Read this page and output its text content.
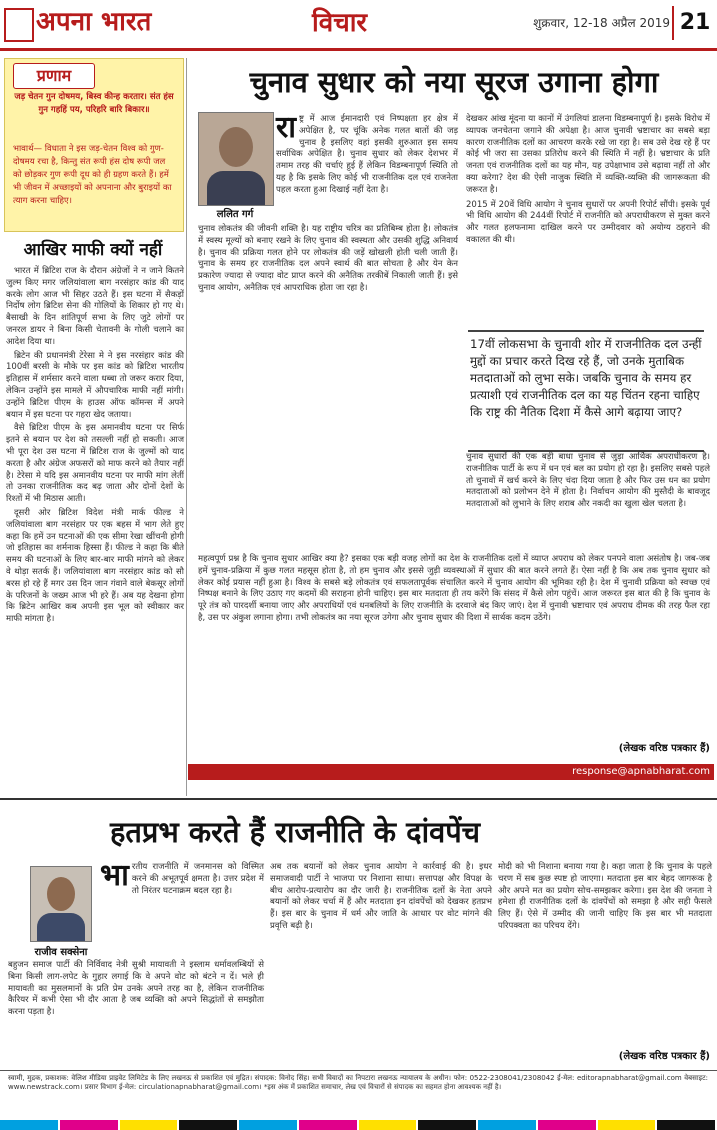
अपना भारत	विचार	शुक्रवार, 12-18 अप्रैल 2019 21
प्रणाम
जड़ चेतन गुन दोषमय, बिस्व कीन्ह करतार। संत हंस गुन गहहिं पय, परिहरि बारि बिकार॥
भावार्थ— विधाता ने इस जड़-चेतन विश्व को गुण-दोषमय रचा है, किन्तु संत रूपी हंस दोष रूपी जल को छोड़कर गुण रूपी दूध को ही ग्रहण करते हैं। हमें भी जीवन में अच्छाइयों को अपनाना और बुराइयों का त्याग करना चाहिए।
आखिर माफी क्यों नहीं

भारत में ब्रिटिश राज के दौरान अंग्रेजों ने न जाने कितने जुल्म किए मगर जलियांवाला बाग नरसंहार कांड की याद करके लोग आज भी सिहर उठते हैं। इस घटना में सैकड़ों निर्दोष लोग ब्रिटिश सेना की गोलियों के शिकार हो गए थे। बैसाखी के दिन शांतिपूर्ण सभा के लिए जुटे लोगों पर जनरल डायर ने बिना किसी चेतावनी के गोली चलाने का आदेश दिया था।

ब्रिटेन की प्रधानमंत्री टेरेसा मे ने इस नरसंहार कांड की 100वीं बरसी के मौके पर इस कांड को ब्रिटिश भारतीय इतिहास में शर्मसार करने वाला धब्बा तो जरूर करार दिया, लेकिन उन्होंने इस मामले में औपचारिक माफी नहीं मांगी। उन्होंने ब्रिटिश पीएम के हाउस ऑफ कॉमन्स में अपने बयान में इस घटना पर गहरा खेद जताया।

वैसे ब्रिटिश पीएम के इस अमानवीय घटना पर सिर्फ इतने से बयान पर देश को तसल्ली नहीं हो सकती। आज भी पूरा देश उस घटना में ब्रिटिश राज के जुल्मों को याद करता है और अंग्रेज अफसरों को माफ करने को तैयार नहीं है। टेरेसा मे यदि इस अमानवीय घटना पर माफी मांग लेतीं तो उनका राजनीतिक कद बढ़ जाता और दोनों देशों के रिश्तों में भी मिठास आती।

दूसरी ओर ब्रिटिश विदेश मंत्री मार्क फील्ड ने जलियांवाला बाग नरसंहार पर एक बहस में भाग लेते हुए कहा कि हमें उन घटनाओं की एक सीमा रेखा खींचनी होगी जो इतिहास का शर्मनाक हिस्सा हैं। फील्ड ने कहा कि बीते समय की घटनाओं के लिए बार-बार माफी मांगने को लेकर वे थोड़ा सतर्क हैं। जलियांवाला बाग नरसंहार कांड को सौ बरस हो रहे हैं मगर उस दिन जान गंवाने वाले बेकसूर लोगों के परिजनों के जख्म आज भी हरे हैं। अब यह देखना होगा कि ब्रिटेन आखिर कब अपनी इस भूल को स्वीकार कर माफी मांगता है।

चुनाव सुधार को नया सूरज उगाना होगा
ललित गर्ग
रा ष्ट्र में आज ईमानदारी एवं निष्पक्षता हर क्षेत्र में अपेक्षित है, पर चूंकि अनेक गलत बातों की जड़ चुनाव है इसलिए वहां इसकी शुरुआत इस समय सर्वाधिक अपेक्षित है। चुनाव सुधार को लेकर देशभर में तमाम तरह की चर्चाएं हुई हैं लेकिन विडम्बनापूर्ण स्थिति तो यह है कि इसके लिए कोई भी राजनीतिक दल एवं राजनेता पहल करता हुआ दिखाई नहीं देता है।

चुनाव लोकतंत्र की जीवनी शक्ति है। यह राष्ट्रीय चरित्र का प्रतिबिम्ब होता है। लोकतंत्र में स्वस्थ मूल्यों को बनाए रखने के लिए चुनाव की स्वस्थता और उसकी शुद्धि अनिवार्य है। चुनाव की प्रक्रिया गलत होने पर लोकतंत्र की जड़ें खोखली होती चली जाती हैं। चुनाव के समय हर राजनीतिक दल अपने स्वार्थ की बात सोचता है और येन केन प्रकारेण ज्यादा से ज्यादा वोट प्राप्त करने की अनैतिक तरकीबें निकाली जाती हैं। इसे चुनाव आयोग, अनैतिक एवं आपराधिक होता जा रहा है।

देखकर आंख मूंदना या कानों में उंगलियां डालना विडम्बनापूर्ण है। इसके विरोध में व्यापक जनचेतना जगाने की अपेक्षा है। आज चुनावी भ्रष्टाचार का सबसे बड़ा कारण राजनीतिक दलों का आचरण करके रखे जा रहा है। सब उसे देख रहे हैं पर कोई भी जरा सा उसका प्रतिरोध करने की स्थिति में नहीं है। भ्रष्टाचार के प्रति जनता एवं राजनीतिक दलों का यह मौन, यह उपेक्षाभाव उसे बढ़ावा नहीं तो और क्या करेगा? देश की ऐसी नाजुक स्थिति में व्यक्ति-व्यक्ति की जागरूकता की जरूरत है।

2015 में 20वें विधि आयोग ने चुनाव सुधारों पर अपनी रिपोर्ट सौंपी। इसके पूर्व भी विधि आयोग की 244वीं रिपोर्ट में राजनीति को अपराधीकरण से मुक्त करने और गलत हलफनामा दाखिल करने पर उम्मीदवार को अयोग्य ठहराने की वकालत की थी।

17वीं लोकसभा के चुनावी शोर में राजनीतिक दल उन्हीं मुद्दों का प्रचार करते दिख रहे हैं, जो उनके मुताबिक मतदाताओं को लुभा सके। जबकि चुनाव के समय हर प्रत्याशी एवं राजनीतिक दल का यह चिंतन रहना चाहिए कि राष्ट्र की नैतिक दिशा में कैसे आगे बढ़ाया जाए?

चुनाव सुधारों की एक बड़ी बाधा चुनाव से जुड़ा आर्थिक अपराधीकरण है। राजनीतिक पार्टी के रूप में धन एवं बल का प्रयोग हो रहा है। इसलिए सबसे पहले तो चुनावों में खर्च करने के लिए चंदा दिया जाता है और फिर उस धन का प्रयोग मतदाताओं को प्रलोभन देने में होता है। निर्वाचन आयोग की मुस्तैदी के बावजूद मतदाताओं को लुभाने के लिए शराब और नकदी का खुला खेल चलता है।

महत्वपूर्ण प्रश्न है कि चुनाव सुधार आखिर क्या है? इसका एक बड़ी वजह लोगों का देश के राजनीतिक दलों में व्याप्त अपराध को लेकर पनपने वाला असंतोष है। जब-जब हमें चुनाव-प्रक्रिया में कुछ गलत महसूस होता है, तो हम चुनाव और इससे जुड़ी व्यवस्थाओं में सुधार की बात करने लगते हैं। ऐसा नहीं है कि अब तक चुनाव सुधार को लेकर कोई प्रयास नहीं हुआ है। विश्व के सबसे बड़े लोकतंत्र एवं सफलतापूर्वक संचालित करने में चुनाव आयोग की भूमिका रही है। देश में चुनावी प्रक्रिया को स्वच्छ एवं निष्पक्ष बनाने के लिए उठाए गए कदमों की सराहना होनी चाहिए। इस बार मतदाता ही तय करेंगे कि संसद में कैसे लोग पहुंचें। आज जरूरत इस बात की है कि चुनाव के पूरे तंत्र को पारदर्शी बनाया जाए और अपराधियों एवं धनबलियों के लिए राजनीति के दरवाजे बंद किए जाएं। देश में चुनावी भ्रष्टाचार एवं अपराध दीमक की तरह फैल रहा है, उस पर अंकुश लगाना होगा। तभी लोकतंत्र का नया सूरज उगेगा और चुनाव सुधार की दिशा में सार्थक कदम उठेंगे।

(लेखक वरिष्ठ पत्रकार हैं)
response@apnabharat.com
हतप्रभ करते हैं राजनीति के दांवपेंच
राजीव सक्सेना
भा रतीय राजनीति में जनमानस को विस्मित करने की अभूतपूर्व क्षमता है। उत्तर प्रदेश में तो निरंतर घटनाक्रम बदल रहा है।

बहुजन समाज पार्टी की निर्विवाद नेत्री सुश्री मायावती ने इस्लाम धर्मावलम्बियों से बिना किसी लाग-लपेट के गुहार लगाई कि वे अपने वोट को बंटने न दें। भले ही मायावती का मुसलमानों के प्रति प्रेम उनके अपने तरह का है, लेकिन राजनीतिक कैरियर में कभी ऐसा भी दौर आता है जब व्यक्ति को अपने सिद्धांतों से समझौता करना पड़ता है।

अब तक बयानों को लेकर चुनाव आयोग ने कार्रवाई की है। इधर समाजवादी पार्टी ने भाजपा पर निशाना साधा। सत्तापक्ष और विपक्ष के बीच आरोप-प्रत्यारोप का दौर जारी है। राजनीतिक दलों के नेता अपने बयानों को लेकर चर्चा में हैं और मतदाता इन दांवपेंचों को देखकर हतप्रभ हैं। इस बार के चुनाव में धर्म और जाति के आधार पर वोट मांगने की प्रवृत्ति बढ़ी है।

मोदी को भी निशाना बनाया गया है। कहा जाता है कि चुनाव के पहले चरण में सब कुछ स्पष्ट हो जाएगा। मतदाता इस बार बेहद जागरूक है और अपने मत का प्रयोग सोच-समझकर करेगा। इस देश की जनता ने हमेशा ही राजनीतिक दलों के दांवपेंचों को समझा है और सही फैसले लिए हैं। ऐसे में उम्मीद की जानी चाहिए कि इस बार भी मतदाता परिपक्वता का परिचय देंगे।

(लेखक वरिष्ठ पत्रकार हैं)
स्वामी, मुद्रक, प्रकाशक: वेलिश मीडिया प्राइवेट लिमिटेड के लिए लखनऊ से प्रकाशित एवं मुद्रित। संपादक: विनोद सिंह। सभी विवादों का निपटारा लखनऊ न्यायालय के अधीन। फोन: 0522-2308041/2308042 ई-मेल: editorapnabharat@gmail.com वेबसाइट: www.newstrack.com। प्रसार विभाग ई-मेल: circulationapnabharat@gmail.com। *इस अंक में प्रकाशित समाचार, लेख एवं विचारों से संपादक का सहमत होना आवश्यक नहीं है।
